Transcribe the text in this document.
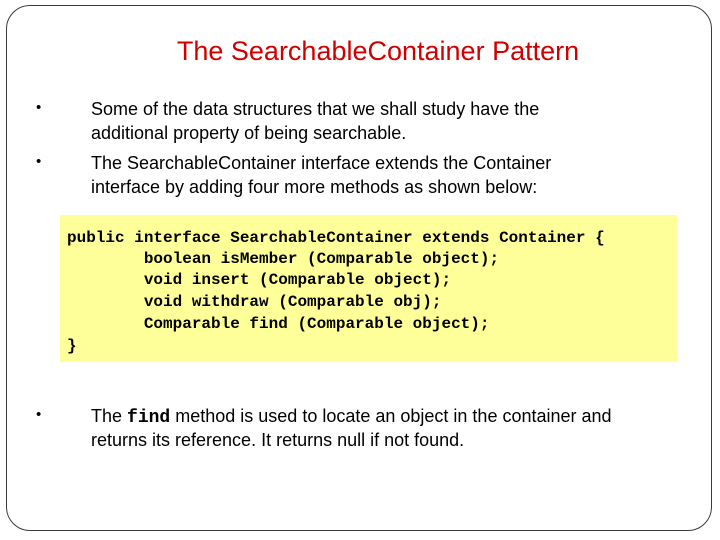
The SearchableContainer Pattern
•	Some of the data structures that we shall study have the
additional property of being searchable.
•	The SearchableContainer interface extends the Container
interface by adding four more methods as shown below:
public interface SearchableContainer extends Container {
boolean isMember (Comparable object);
void insert (Comparable object);
void withdraw (Comparable obj);
Comparable find (Comparable object);
}
•	The find method is used to locate an object in the container and
returns its reference. It returns null if not found.
